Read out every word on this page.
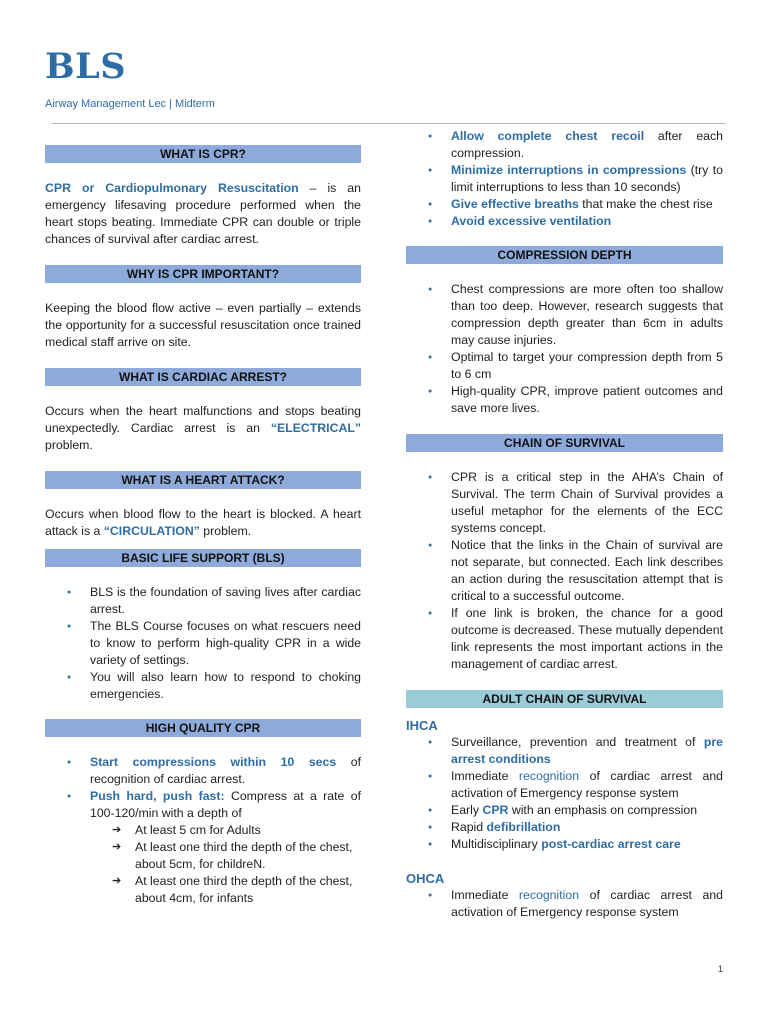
BLS
Airway Management Lec | Midterm
WHAT IS CPR?

CPR or Cardiopulmonary Resuscitation – is an emergency lifesaving procedure performed when the heart stops beating. Immediate CPR can double or triple chances of survival after cardiac arrest.

WHY IS CPR IMPORTANT?

Keeping the blood flow active – even partially – extends the opportunity for a successful resuscitation once trained medical staff arrive on site.

WHAT IS CARDIAC ARREST?

Occurs when the heart malfunctions and stops beating unexpectedly. Cardiac arrest is an “ELECTRICAL” problem.

WHAT IS A HEART ATTACK?

Occurs when blood flow to the heart is blocked. A heart attack is a “CIRCULATION” problem.

BASIC LIFE SUPPORT (BLS)
● BLS is the foundation of saving lives after cardiac arrest.
● The BLS Course focuses on what rescuers need to know to perform high-quality CPR in a wide variety of settings.
● You will also learn how to respond to choking emergencies.
HIGH QUALITY CPR
● Start compressions within 10 secs of recognition of cardiac arrest.
● Push hard, push fast: Compress at a rate of 100-120/min with a depth of
➔ At least 5 cm for Adults
➔ At least one third the depth of the chest, about 5cm, for childreN.
➔ At least one third the depth of the chest, about 4cm, for infants
● Allow complete chest recoil after each compression.
● Minimize interruptions in compressions (try to limit interruptions to less than 10 seconds)
● Give effective breaths that make the chest rise
● Avoid excessive ventilation
COMPRESSION DEPTH
● Chest compressions are more often too shallow than too deep. However, research suggests that compression depth greater than 6cm in adults may cause injuries.
● Optimal to target your compression depth from 5 to 6 cm
● High-quality CPR, improve patient outcomes and save more lives.
CHAIN OF SURVIVAL
● CPR is a critical step in the AHA’s Chain of Survival. The term Chain of Survival provides a useful metaphor for the elements of the ECC systems concept.
● Notice that the links in the Chain of survival are not separate, but connected. Each link describes an action during the resuscitation attempt that is critical to a successful outcome.
● If one link is broken, the chance for a good outcome is decreased. These mutually dependent link represents the most important actions in the management of cardiac arrest.
ADULT CHAIN OF SURVIVAL
IHCA
● Surveillance, prevention and treatment of pre arrest conditions
● Immediate recognition of cardiac arrest and activation of Emergency response system
● Early CPR with an emphasis on compression
● Rapid defibrillation
● Multidisciplinary post-cardiac arrest care
OHCA
● Immediate recognition of cardiac arrest and activation of Emergency response system
1
